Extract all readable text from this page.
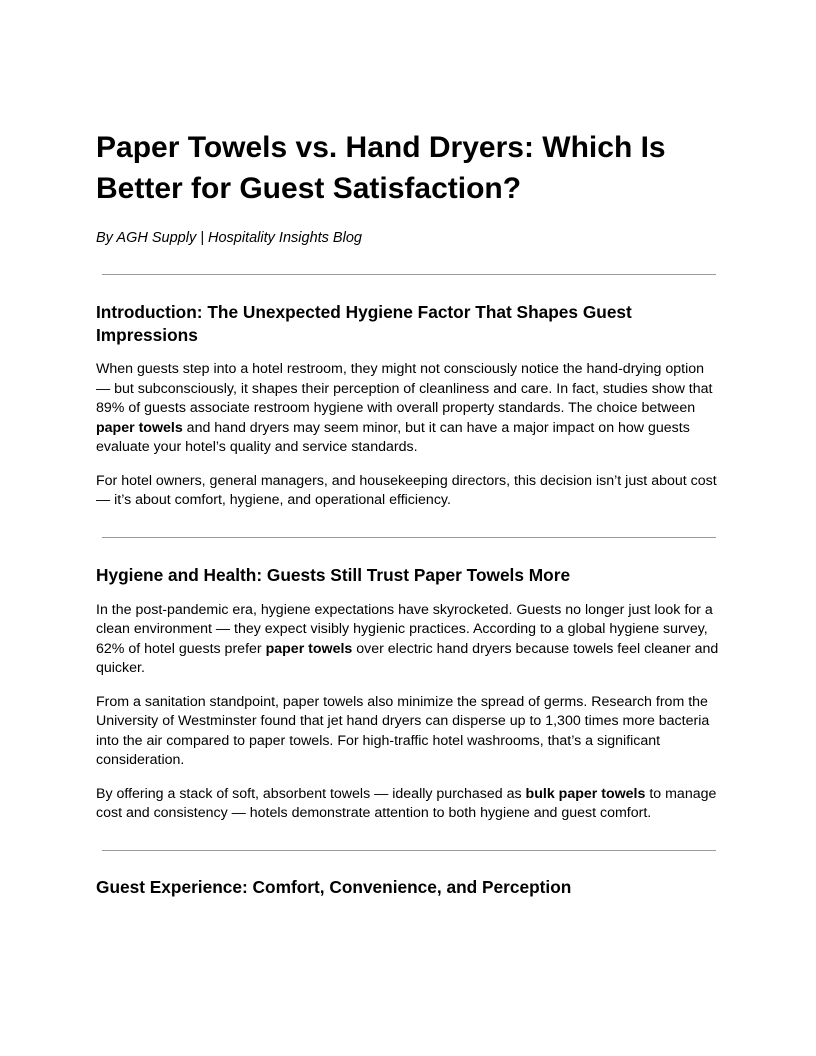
Paper Towels vs. Hand Dryers: Which Is Better for Guest Satisfaction?

By AGH Supply | Hospitality Insights Blog

Introduction: The Unexpected Hygiene Factor That Shapes Guest Impressions

When guests step into a hotel restroom, they might not consciously notice the hand-drying option — but subconsciously, it shapes their perception of cleanliness and care. In fact, studies show that 89% of guests associate restroom hygiene with overall property standards. The choice between paper towels and hand dryers may seem minor, but it can have a major impact on how guests evaluate your hotel’s quality and service standards.

For hotel owners, general managers, and housekeeping directors, this decision isn’t just about cost — it’s about comfort, hygiene, and operational efficiency.

Hygiene and Health: Guests Still Trust Paper Towels More

In the post-pandemic era, hygiene expectations have skyrocketed. Guests no longer just look for a clean environment — they expect visibly hygienic practices. According to a global hygiene survey, 62% of hotel guests prefer paper towels over electric hand dryers because towels feel cleaner and quicker.

From a sanitation standpoint, paper towels also minimize the spread of germs. Research from the University of Westminster found that jet hand dryers can disperse up to 1,300 times more bacteria into the air compared to paper towels. For high-traffic hotel washrooms, that’s a significant consideration.

By offering a stack of soft, absorbent towels — ideally purchased as bulk paper towels to manage cost and consistency — hotels demonstrate attention to both hygiene and guest comfort.

Guest Experience: Comfort, Convenience, and Perception
